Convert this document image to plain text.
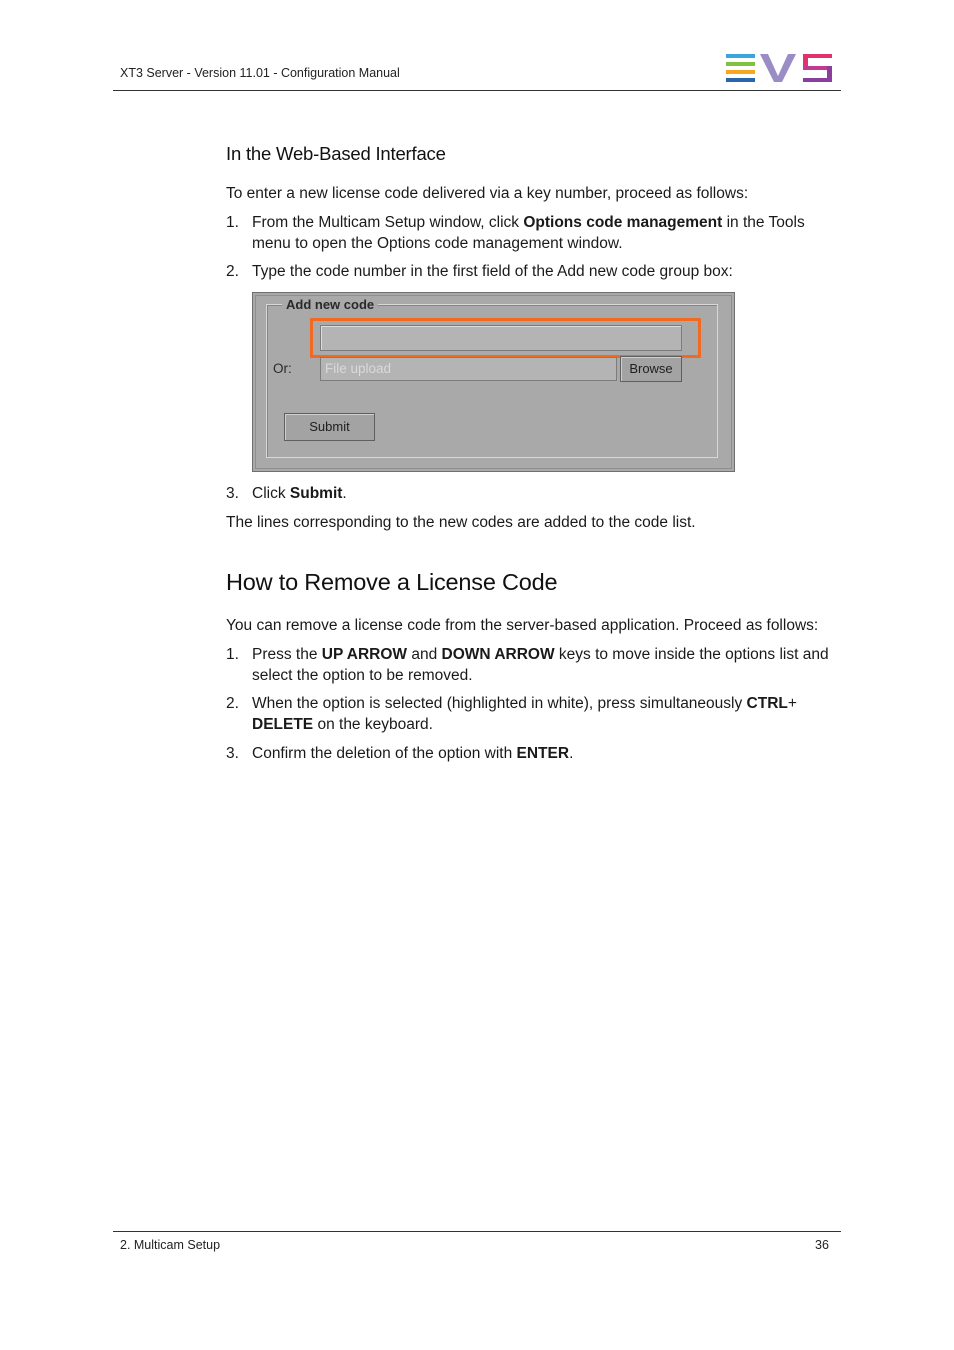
XT3 Server - Version 11.01 - Configuration Manual
In the Web-Based Interface
To enter a new license code delivered via a key number, proceed as follows:
1. From the Multicam Setup window, click Options code management in the Tools menu to open the Options code management window.
2. Type the code number in the first field of the Add new code group box:
Add new code
Or:	File upload	Browse
Submit
3. Click Submit.
The lines corresponding to the new codes are added to the code list.
How to Remove a License Code
You can remove a license code from the server-based application. Proceed as follows:
1. Press the UP ARROW and DOWN ARROW keys to move inside the options list and select the option to be removed.
2. When the option is selected (highlighted in white), press simultaneously CTRL+ DELETE on the keyboard.
3. Confirm the deletion of the option with ENTER.
2. Multicam Setup	36
